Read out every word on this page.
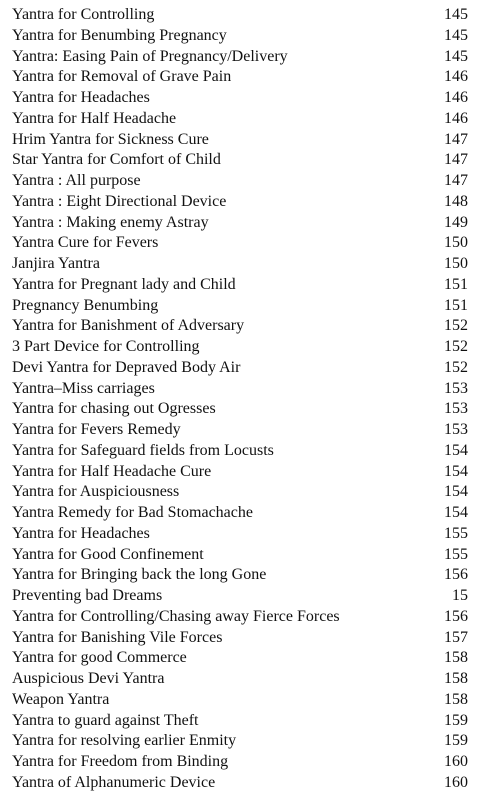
Yantra for Controlling	145
Yantra for Benumbing Pregnancy	145
Yantra: Easing Pain of Pregnancy/Delivery	145
Yantra for Removal of Grave Pain	146
Yantra for Headaches	146
Yantra for Half Headache	146
Hrim Yantra for Sickness Cure	147
Star Yantra for Comfort of Child	147
Yantra : All purpose	147
Yantra : Eight Directional Device	148
Yantra : Making enemy Astray	149
Yantra Cure for Fevers	150
Janjira Yantra	150
Yantra for Pregnant lady and Child	151
Pregnancy Benumbing	151
Yantra for Banishment of Adversary	152
3 Part Device for Controlling	152
Devi Yantra for Depraved Body Air	152
Yantra–Miss carriages	153
Yantra for chasing out Ogresses	153
Yantra for Fevers Remedy	153
Yantra for Safeguard fields from Locusts	154
Yantra for Half Headache Cure	154
Yantra for Auspiciousness	154
Yantra Remedy for Bad Stomachache	154
Yantra for Headaches	155
Yantra for Good Confinement	155
Yantra for Bringing back the long Gone	156
Preventing bad Dreams	15
Yantra for Controlling/Chasing away Fierce Forces	156
Yantra for Banishing Vile Forces	157
Yantra for good Commerce	158
Auspicious Devi Yantra	158
Weapon Yantra	158
Yantra to guard against Theft	159
Yantra for resolving earlier Enmity	159
Yantra for Freedom from Binding	160
Yantra of Alphanumeric Device	160
